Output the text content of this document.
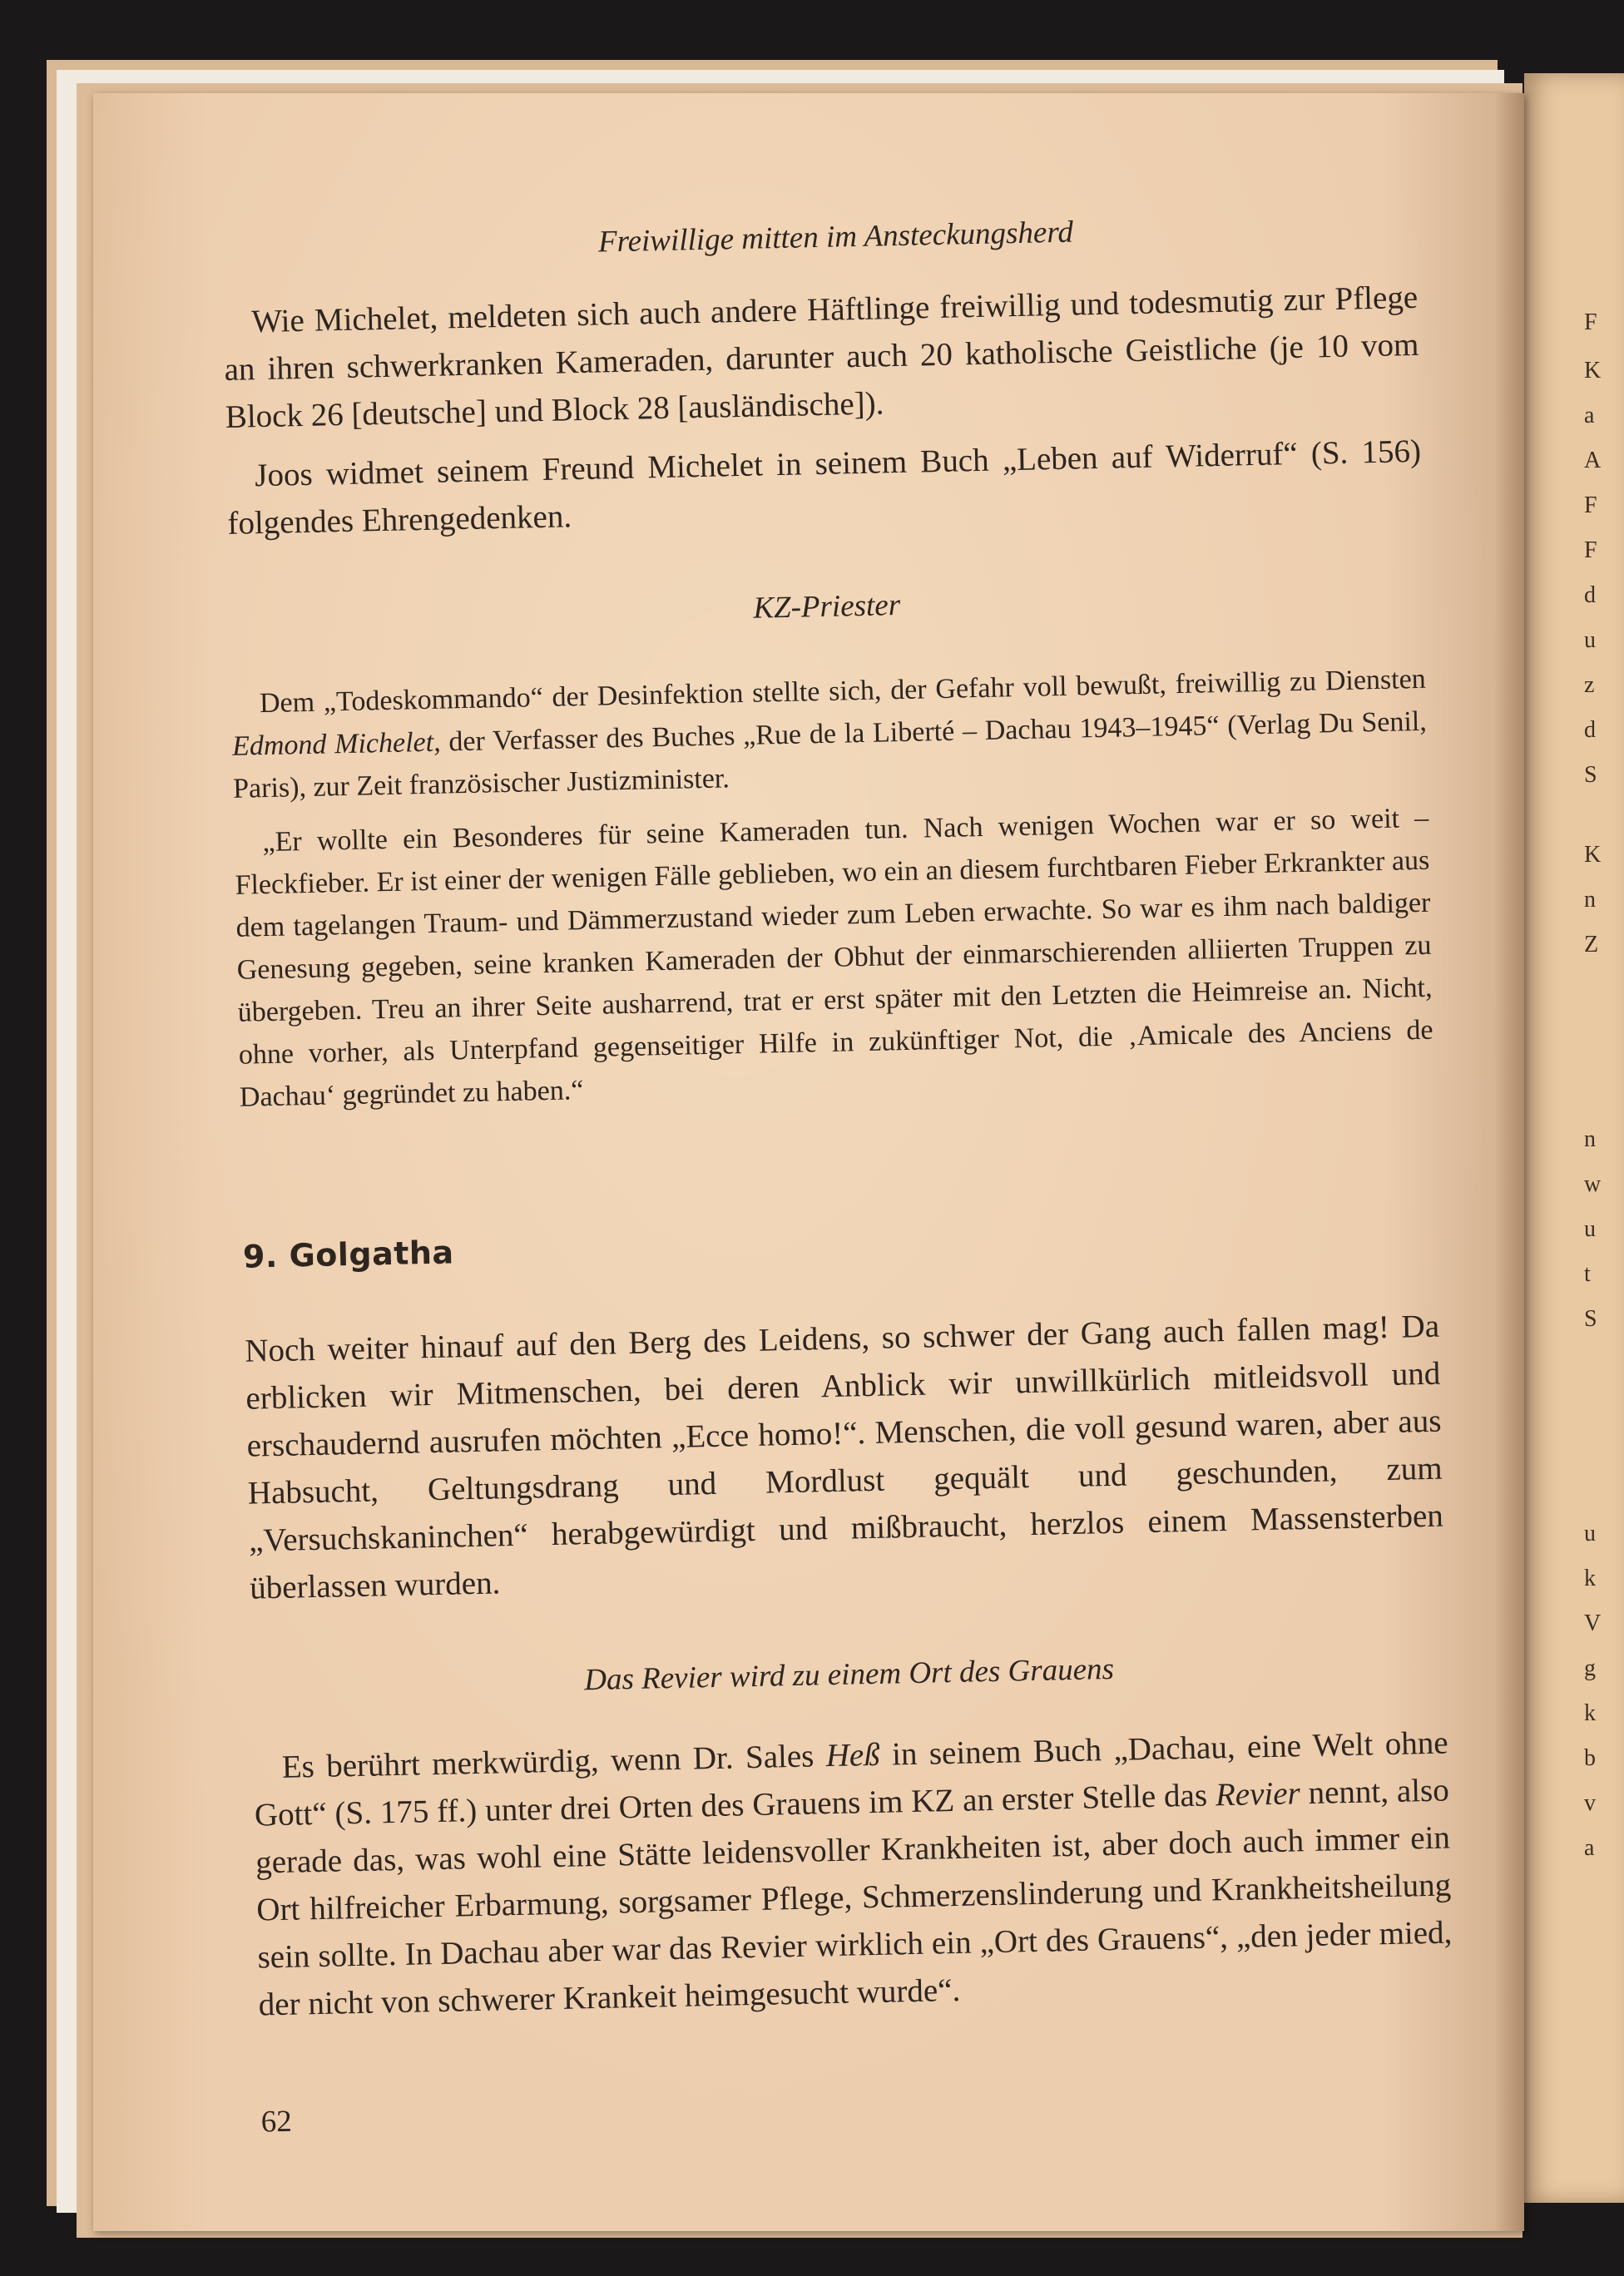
F
K
a
A
F
F
d
u
z
d
S
K
n
Z
n
w
u
t
S
u
k
V
g
k
b
v
a
Freiwillige mitten im Ansteckungsherd

Wie Michelet, meldeten sich auch andere Häftlinge freiwillig und todesmutig zur Pflege an ihren schwerkranken Kameraden, darunter auch 20 katholische Geistliche (je 10 vom Block 26 [deutsche] und Block 28 [ausländische]).

Joos widmet seinem Freund Michelet in seinem Buch „Leben auf Widerruf“ (S. 156) folgendes Ehrengedenken.

KZ-Priester

Dem „Todeskommando“ der Desinfektion stellte sich, der Gefahr voll bewußt, freiwillig zu Diensten Edmond Michelet, der Verfasser des Buches „Rue de la Liberté – Dachau 1943–1945“ (Verlag Du Senil, Paris), zur Zeit französischer Justizminister.

„Er wollte ein Besonderes für seine Kameraden tun. Nach wenigen Wochen war er so weit – Fleckfieber. Er ist einer der wenigen Fälle geblieben, wo ein an diesem furchtbaren Fieber Erkrankter aus dem tagelangen Traum- und Dämmerzustand wieder zum Leben erwachte. So war es ihm nach baldiger Genesung gegeben, seine kranken Kameraden der Obhut der einmarschierenden alliierten Truppen zu übergeben. Treu an ihrer Seite ausharrend, trat er erst später mit den Letzten die Heimreise an. Nicht, ohne vorher, als Unterpfand gegenseitiger Hilfe in zukünftiger Not, die ‚Amicale des Anciens de Dachau‘ gegründet zu haben.“

9. Golgatha

Noch weiter hinauf auf den Berg des Leidens, so schwer der Gang auch fallen mag! Da erblicken wir Mitmenschen, bei deren Anblick wir unwillkürlich mitleidsvoll und erschaudernd ausrufen möchten „Ecce homo!“. Menschen, die voll gesund waren, aber aus Habsucht, Geltungsdrang und Mordlust gequält und geschunden, zum „Versuchskaninchen“ herabgewürdigt und mißbraucht, herzlos einem Massensterben überlassen wurden.

Das Revier wird zu einem Ort des Grauens

Es berührt merkwürdig, wenn Dr. Sales Heß in seinem Buch „Dachau, eine Welt ohne Gott“ (S. 175 ff.) unter drei Orten des Grauens im KZ an erster Stelle das Revier nennt, also gerade das, was wohl eine Stätte leidensvoller Krankheiten ist, aber doch auch immer ein Ort hilfreicher Erbarmung, sorgsamer Pflege, Schmerzenslinderung und Krankheitsheilung sein sollte. In Dachau aber war das Revier wirklich ein „Ort des Grauens“, „den jeder mied, der nicht von schwerer Krankeit heimgesucht wurde“.

62
